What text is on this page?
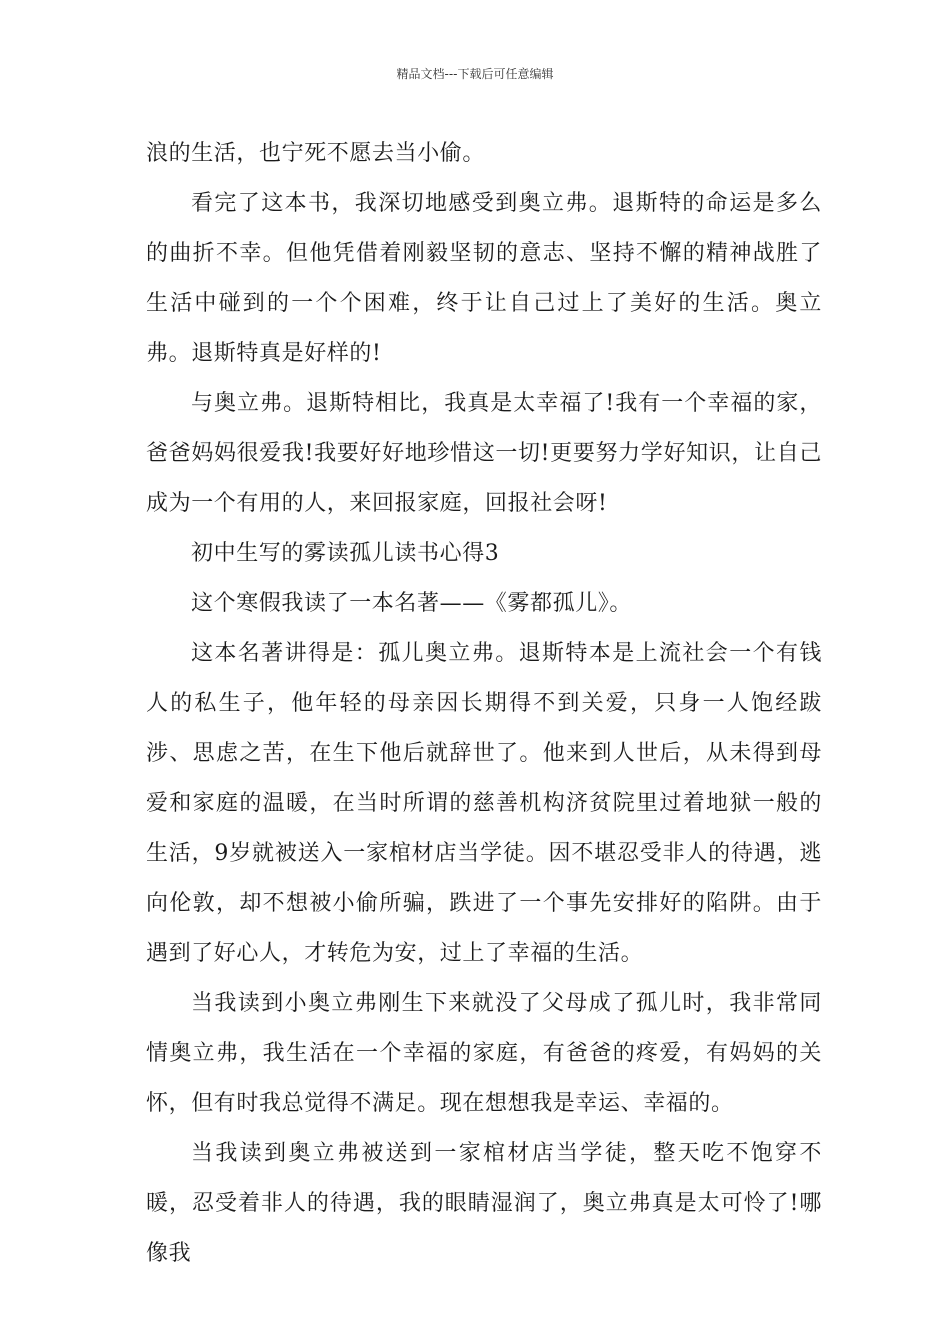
精品文档---下载后可任意编辑

浪的生活，也宁死不愿去当小偷。

看完了这本书，我深切地感受到奥立弗。退斯特的命运是多么的曲折不幸。但他凭借着刚毅坚韧的意志、坚持不懈的精神战胜了生活中碰到的一个个困难，终于让自己过上了美好的生活。奥立弗。退斯特真是好样的!

与奥立弗。退斯特相比，我真是太幸福了!我有一个幸福的家，爸爸妈妈很爱我!我要好好地珍惜这一切!更要努力学好知识，让自己成为一个有用的人，来回报家庭，回报社会呀!

初中生写的雾读孤儿读书心得3

这个寒假我读了一本名著——《雾都孤儿》。

这本名著讲得是：孤儿奥立弗。退斯特本是上流社会一个有钱人的私生子，他年轻的母亲因长期得不到关爱，只身一人饱经跋涉、思虑之苦，在生下他后就辞世了。他来到人世后，从未得到母爱和家庭的温暖，在当时所谓的慈善机构济贫院里过着地狱一般的生活，9岁就被送入一家棺材店当学徒。因不堪忍受非人的待遇，逃向伦敦，却不想被小偷所骗，跌进了一个事先安排好的陷阱。由于遇到了好心人，才转危为安，过上了幸福的生活。

当我读到小奥立弗刚生下来就没了父母成了孤儿时，我非常同情奥立弗，我生活在一个幸福的家庭，有爸爸的疼爱，有妈妈的关怀，但有时我总觉得不满足。现在想想我是幸运、幸福的。

当我读到奥立弗被送到一家棺材店当学徒，整天吃不饱穿不暖，忍受着非人的待遇，我的眼睛湿润了，奥立弗真是太可怜了!哪像我
